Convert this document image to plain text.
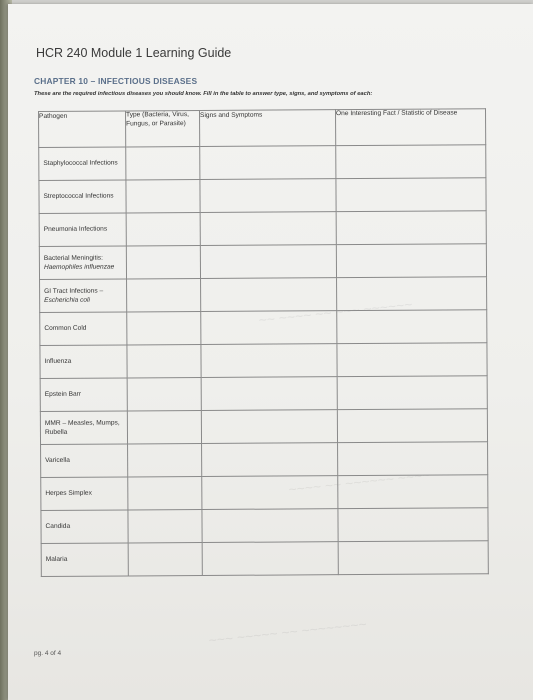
~~ ~~~~ ~~ ~~~ ~~~~~~
~~~~ ~~ ~~~~~~ ~~~~
~~~ ~~~~~ ~~ ~~~~~~~~
HCR 240 Module 1 Learning Guide
CHAPTER 10 – INFECTIOUS DISEASES
These are the required infectious diseases you should know. Fill in the table to answer type, signs, and symptoms of each:
Pathogen	Type (Bacteria, Virus, Fungus, or Parasite)	Signs and Symptoms	One Interesting Fact / Statistic of Disease

Staphylococcal Infections			

Streptococcal Infections			

Pneumonia Infections			

Bacterial Meningitis:
Haemophiles influenzae			

GI Tract Infections –
Escherichia coli			

Common Cold			

Influenza			

Epstein Barr			

MMR – Measles, Mumps, Rubella			

Varicella			

Herpes Simplex			

Candida			

Malaria			

pg. 4 of 4
